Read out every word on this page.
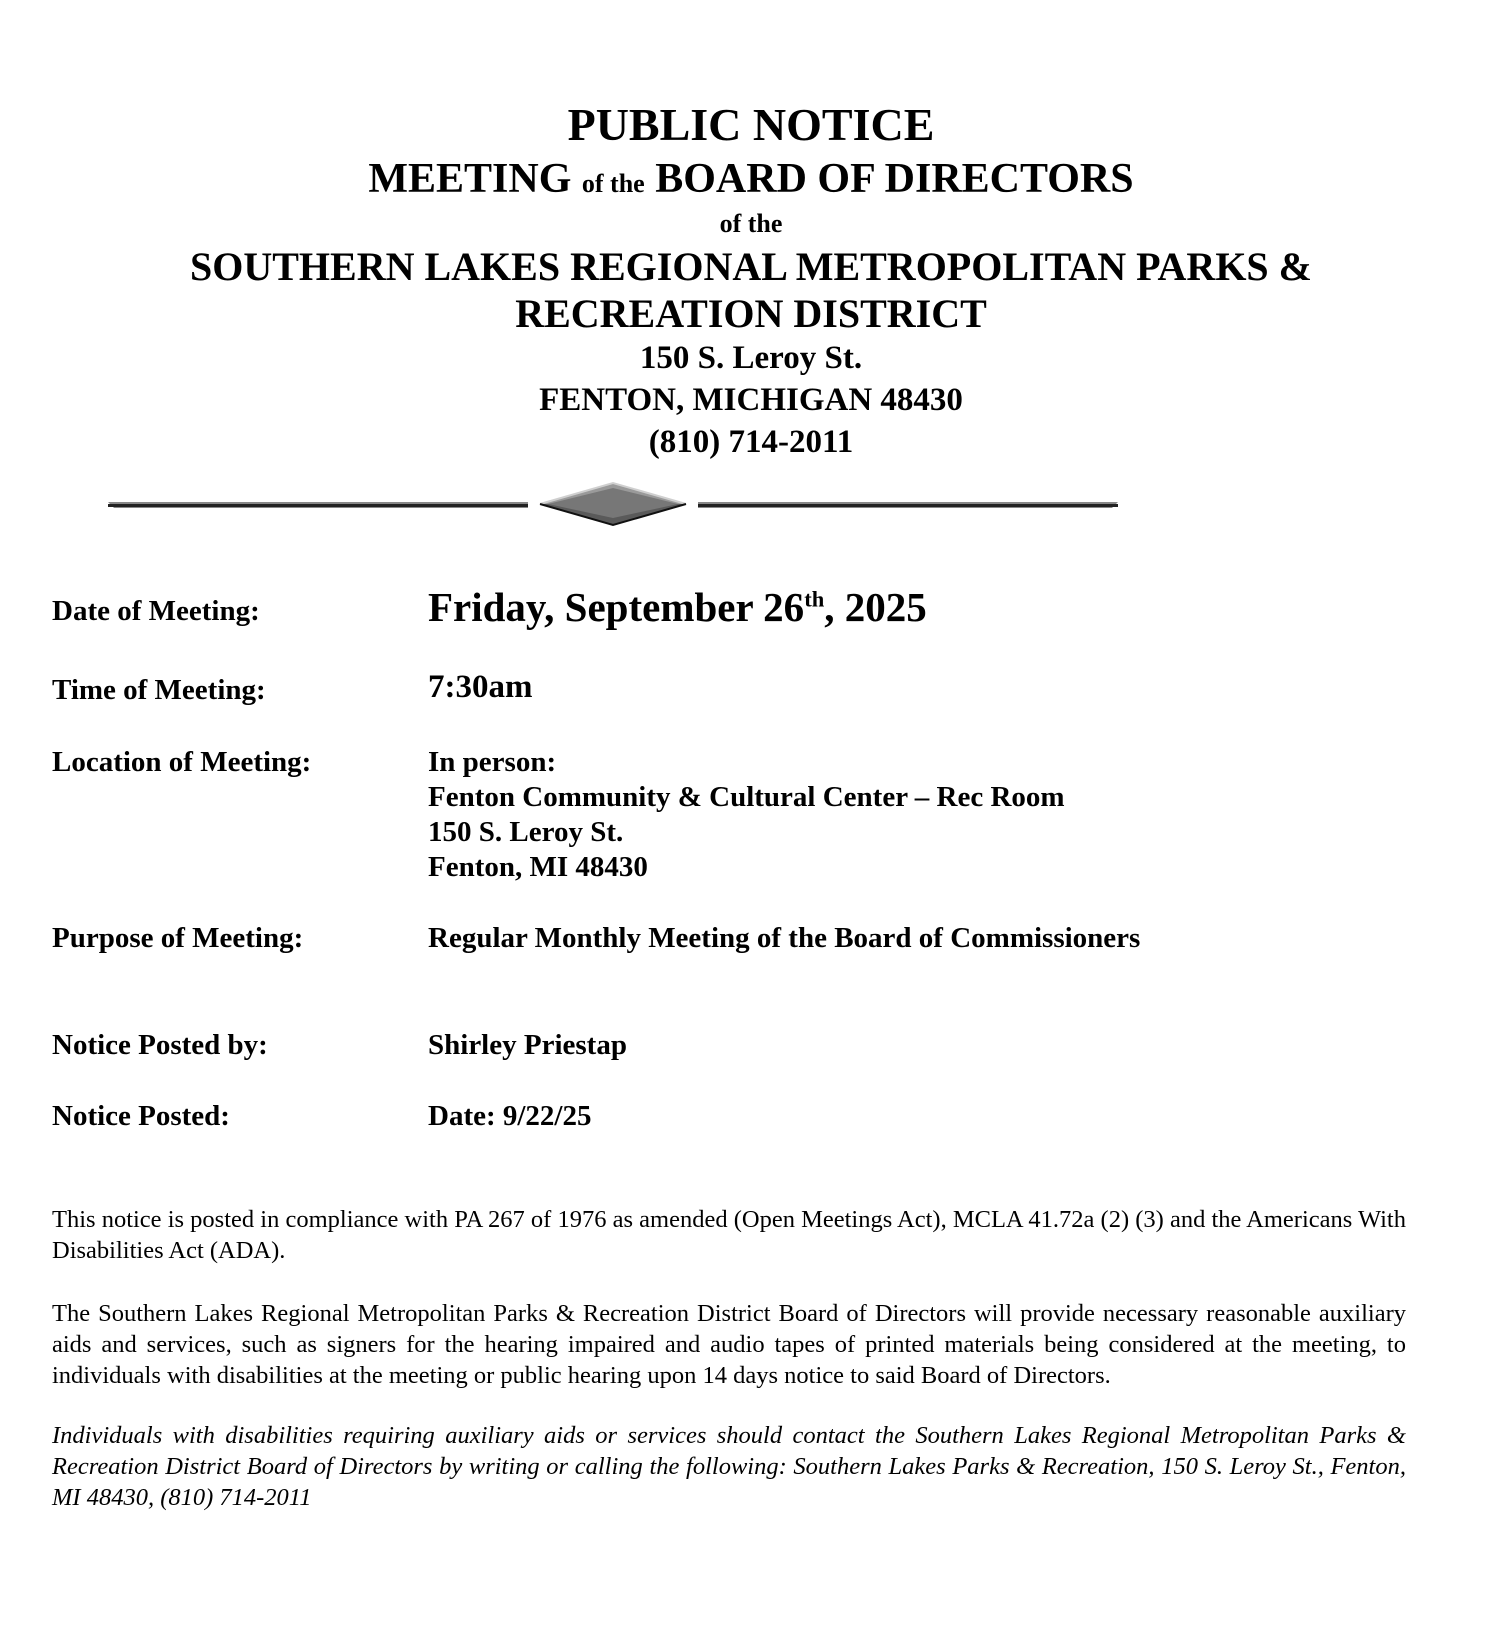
PUBLIC NOTICE
MEETING of the BOARD OF DIRECTORS
of the
SOUTHERN LAKES REGIONAL METROPOLITAN PARKS &
RECREATION DISTRICT
150 S. Leroy St.
FENTON, MICHIGAN 48430
(810) 714-2011
Date of Meeting:	Friday, September 26th, 2025
Time of Meeting:	7:30am
Location of Meeting:	In person:
Fenton Community & Cultural Center – Rec Room
150 S. Leroy St.
Fenton, MI 48430
Purpose of Meeting:	Regular Monthly Meeting of the Board of Commissioners
Notice Posted by:	Shirley Priestap
Notice Posted:	Date: 9/22/25
This notice is posted in compliance with PA 267 of 1976 as amended (Open Meetings Act), MCLA 41.72a (2) (3) and the Americans With Disabilities Act (ADA).
The Southern Lakes Regional Metropolitan Parks & Recreation District Board of Directors will provide necessary reasonable auxiliary aids and services, such as signers for the hearing impaired and audio tapes of printed materials being considered at the meeting, to individuals with disabilities at the meeting or public hearing upon 14 days notice to said Board of Directors.
Individuals with disabilities requiring auxiliary aids or services should contact the Southern Lakes Regional Metropolitan Parks & Recreation District Board of Directors by writing or calling the following: Southern Lakes Parks & Recreation, 150 S. Leroy St., Fenton, MI 48430, (810) 714-2011
